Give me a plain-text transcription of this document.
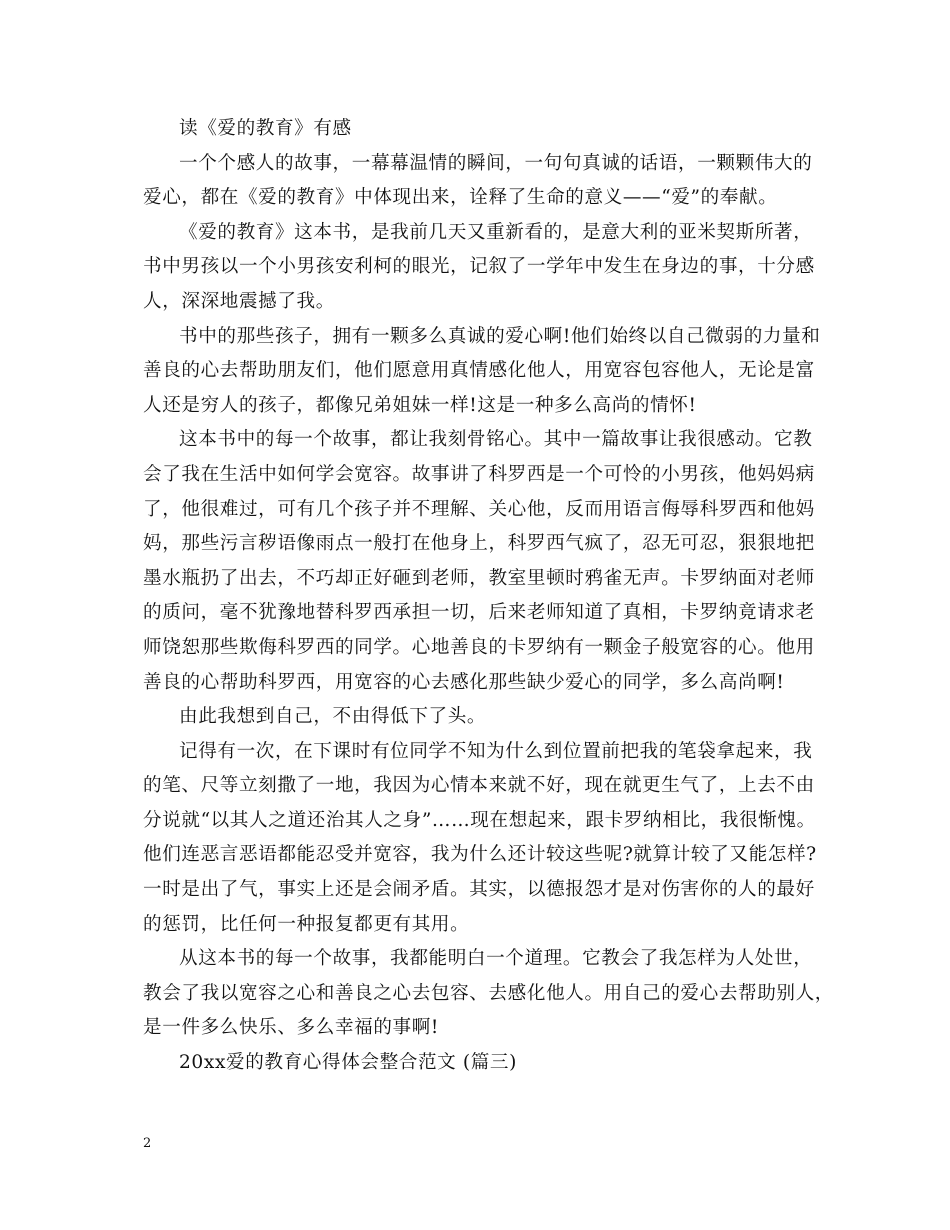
读《爱的教育》有感
一个个感人的故事，一幕幕温情的瞬间，一句句真诚的话语，一颗颗伟大的
爱心，都在《爱的教育》中体现出来，诠释了生命的意义——“爱”的奉献。
《爱的教育》这本书，是我前几天又重新看的，是意大利的亚米契斯所著，
书中男孩以一个小男孩安利柯的眼光，记叙了一学年中发生在身边的事，十分感
人，深深地震撼了我。
书中的那些孩子，拥有一颗多么真诚的爱心啊!他们始终以自己微弱的力量和
善良的心去帮助朋友们，他们愿意用真情感化他人，用宽容包容他人，无论是富
人还是穷人的孩子，都像兄弟姐妹一样!这是一种多么高尚的情怀!
这本书中的每一个故事，都让我刻骨铭心。其中一篇故事让我很感动。它教
会了我在生活中如何学会宽容。故事讲了科罗西是一个可怜的小男孩，他妈妈病
了，他很难过，可有几个孩子并不理解、关心他，反而用语言侮辱科罗西和他妈
妈，那些污言秽语像雨点一般打在他身上，科罗西气疯了，忍无可忍，狠狠地把
墨水瓶扔了出去，不巧却正好砸到老师，教室里顿时鸦雀无声。卡罗纳面对老师
的质问，毫不犹豫地替科罗西承担一切，后来老师知道了真相，卡罗纳竟请求老
师饶恕那些欺侮科罗西的同学。心地善良的卡罗纳有一颗金子般宽容的心。他用
善良的心帮助科罗西，用宽容的心去感化那些缺少爱心的同学，多么高尚啊!
由此我想到自己，不由得低下了头。
记得有一次，在下课时有位同学不知为什么到位置前把我的笔袋拿起来，我
的笔、尺等立刻撒了一地，我因为心情本来就不好，现在就更生气了，上去不由
分说就“以其人之道还治其人之身”……现在想起来，跟卡罗纳相比，我很惭愧。
他们连恶言恶语都能忍受并宽容，我为什么还计较这些呢?就算计较了又能怎样?
一时是出了气，事实上还是会闹矛盾。其实，以德报怨才是对伤害你的人的最好
的惩罚，比任何一种报复都更有其用。
从这本书的每一个故事，我都能明白一个道理。它教会了我怎样为人处世，
教会了我以宽容之心和善良之心去包容、去感化他人。用自己的爱心去帮助别人，
是一件多么快乐、多么幸福的事啊!
20xx爱的教育心得体会整合范文 (篇三)
2
